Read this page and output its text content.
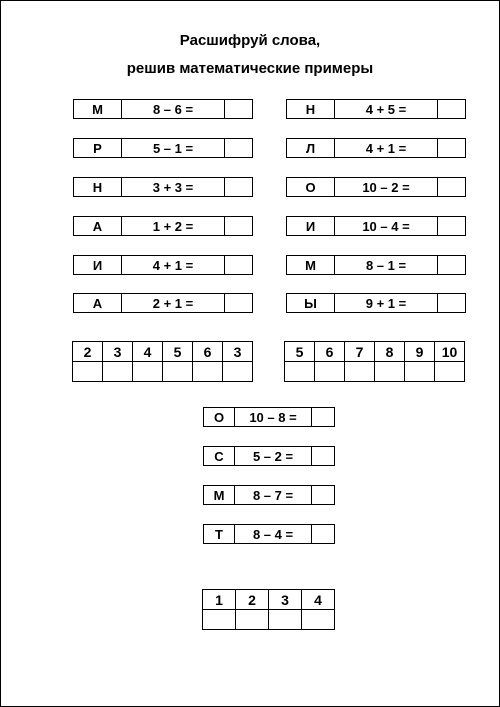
Расшифруй слова,
решив математические примеры
М	8 – 6 =
Р	5 – 1 =
Н	3 + 3 =
А	1 + 2 =
И	4 + 1 =
А	2 + 1 =
Н	4 + 5 =
Л	4 + 1 =
О	10 – 2 =
И	10 – 4 =
М	8 – 1 =
Ы	9 + 1 =
2	3	4	5	6	3
						5	6	7	8	9	10

О	10 – 8 =
С	5 – 2 =
М	8 – 7 =
Т	8 – 4 =
1	2	3	4
